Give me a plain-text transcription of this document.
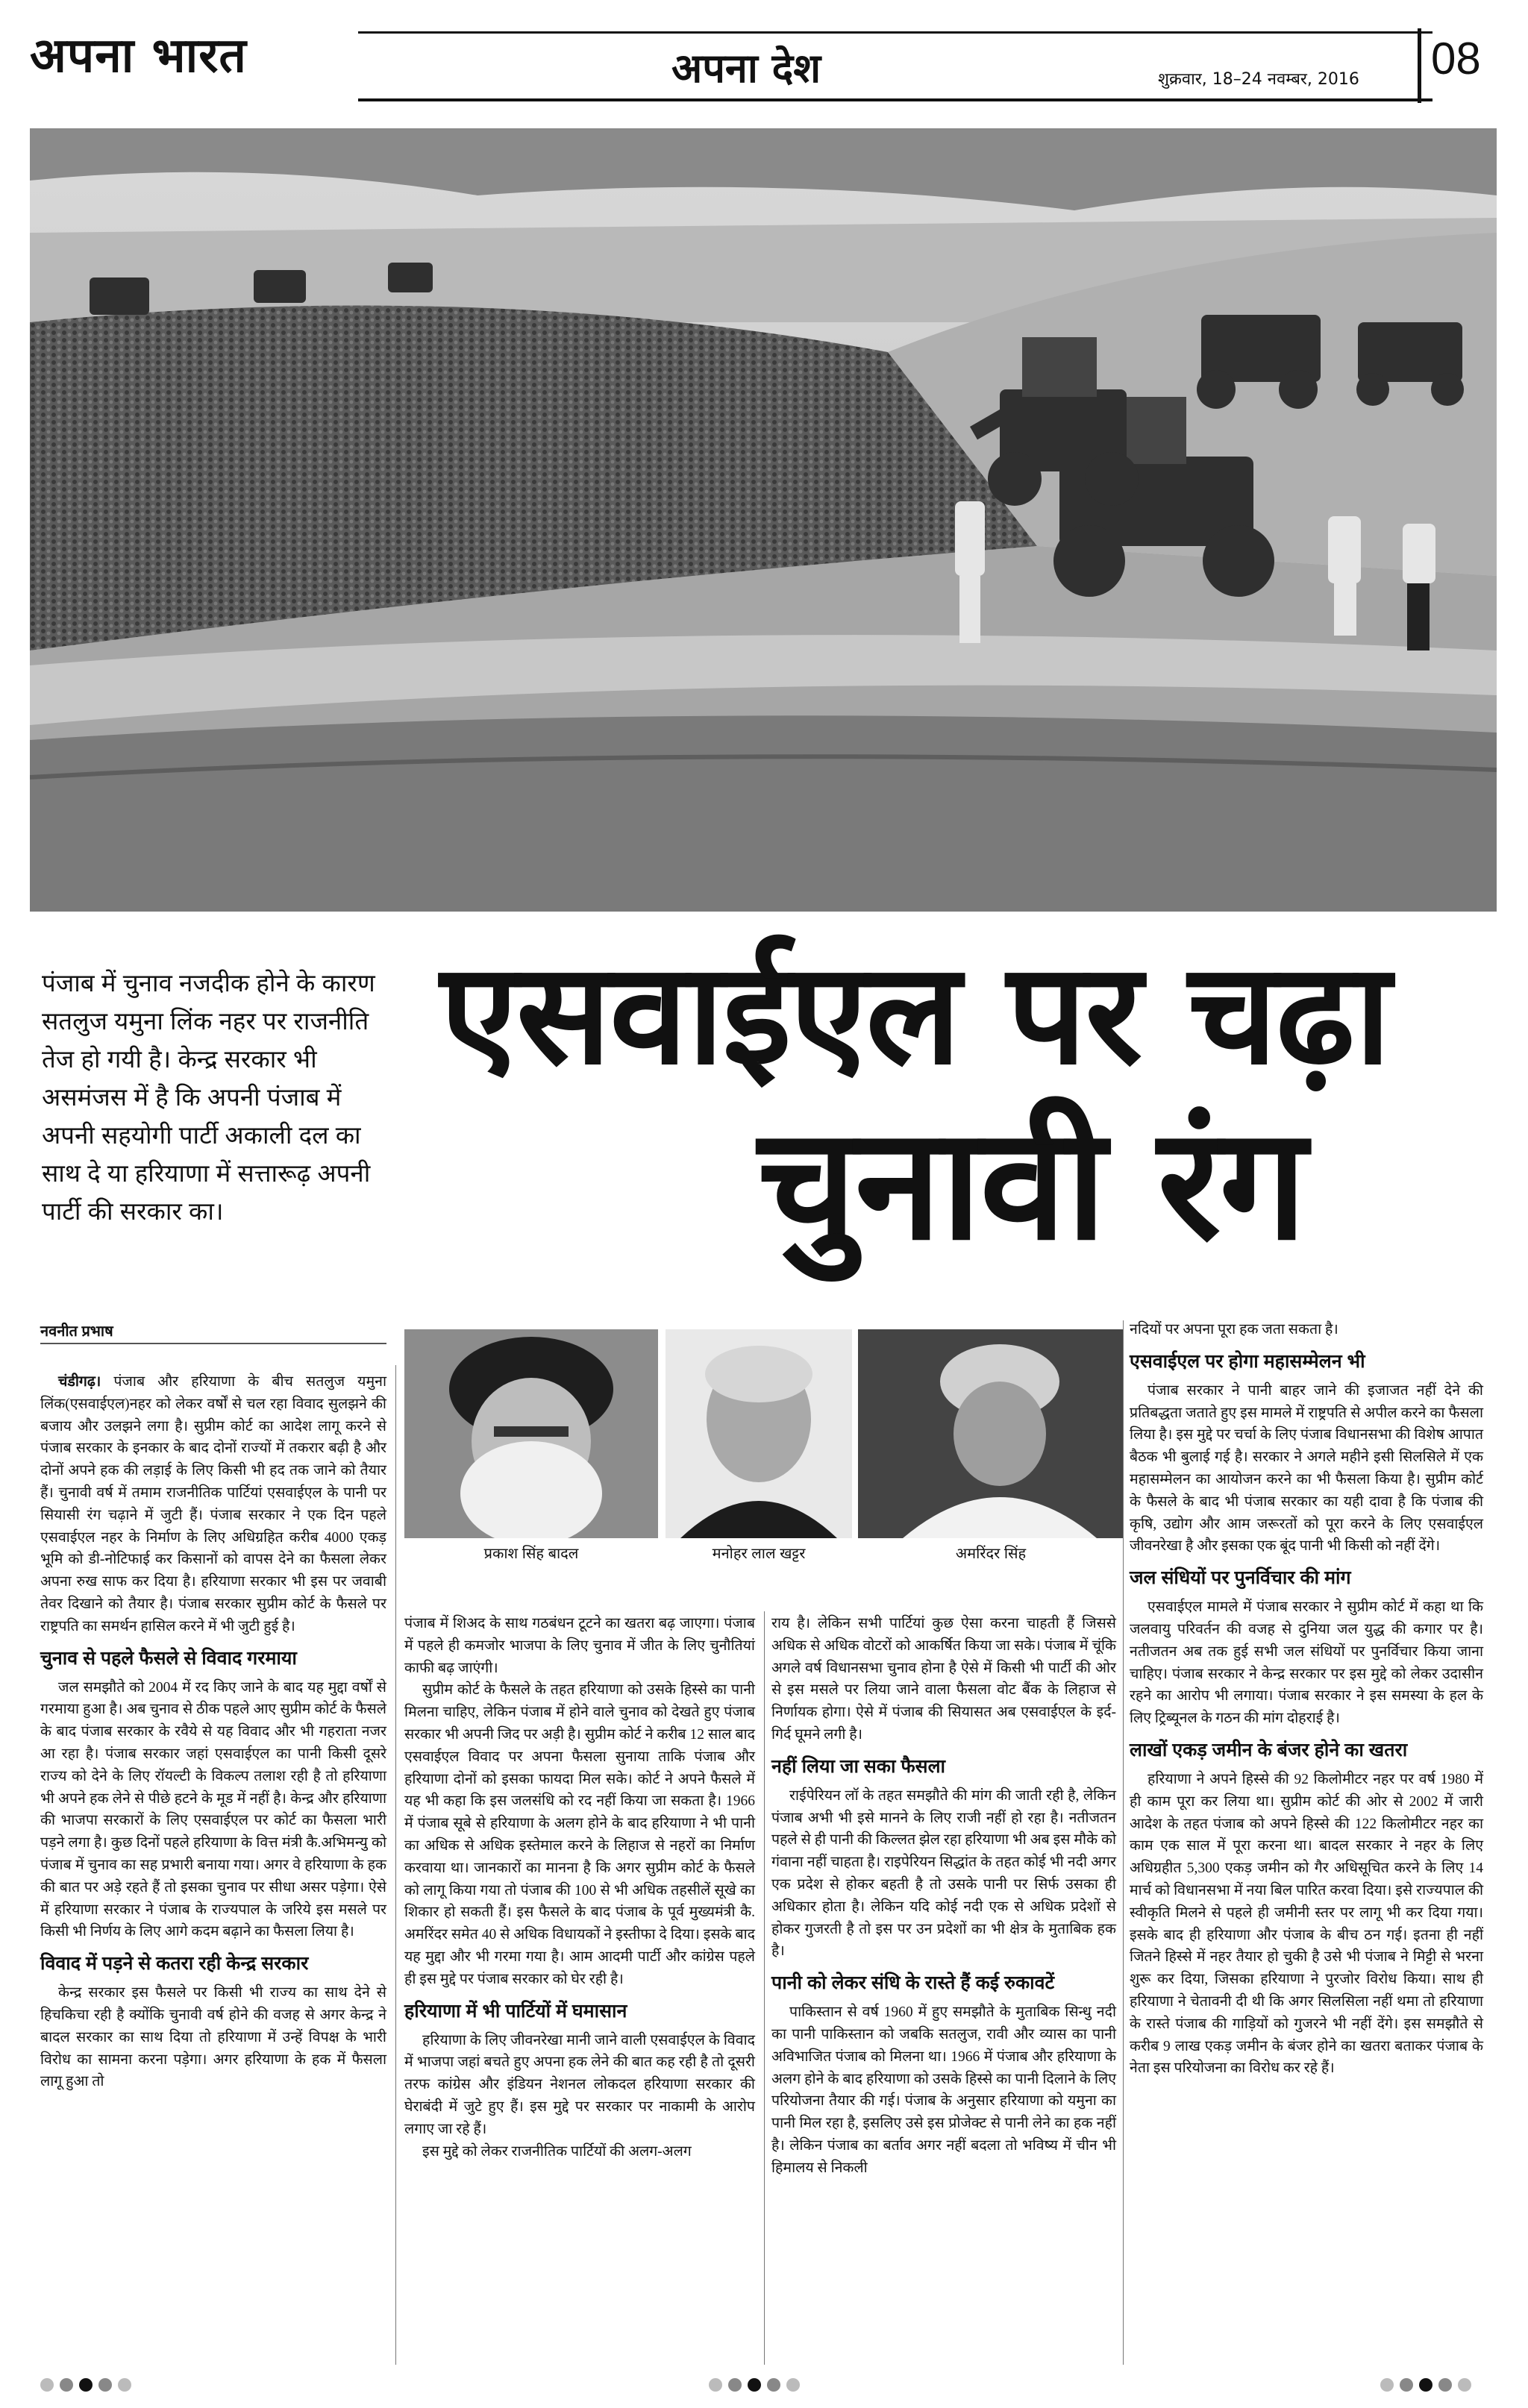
अपना भारत	अपना देश	शुक्रवार, 18–24 नवम्बर, 2016 08
पंजाब में चुनाव नजदीक होने के कारण सतलुज यमुना लिंक नहर पर राजनीति तेज हो गयी है। केन्द्र सरकार भी असमंजस में है कि अपनी पंजाब में अपनी सहयोगी पार्टी अकाली दल का साथ दे या हरियाणा में सत्तारूढ़ अपनी पार्टी की सरकार का।
एसवाईएल पर चढ़ा
चुनावी रंग
नवनीत प्रभाष
प्रकाश सिंह बादल	मनोहर लाल खट्टर	अमरिंदर सिंह

चंडीगढ़। पंजाब और हरियाणा के बीच सतलुज यमुना लिंक(एसवाईएल)नहर को लेकर वर्षों से चल रहा विवाद सुलझने की बजाय और उलझने लगा है। सुप्रीम कोर्ट का आदेश लागू करने से पंजाब सरकार के इनकार के बाद दोनों राज्यों में तकरार बढ़ी है और दोनों अपने हक की लड़ाई के लिए किसी भी हद तक जाने को तैयार हैं। चुनावी वर्ष में तमाम राजनीतिक पार्टियां एसवाईएल के पानी पर सियासी रंग चढ़ाने में जुटी हैं। पंजाब सरकार ने एक दिन पहले एसवाईएल नहर के निर्माण के लिए अधिग्रहित करीब 4000 एकड़ भूमि को डी-नोटिफाई कर किसानों को वापस देने का फैसला लेकर अपना रुख साफ कर दिया है। हरियाणा सरकार भी इस पर जवाबी तेवर दिखाने को तैयार है। पंजाब सरकार सुप्रीम कोर्ट के फैसले पर राष्ट्रपति का समर्थन हासिल करने में भी जुटी हुई है।

चुनाव से पहले फैसले से विवाद गरमाया

जल समझौते को 2004 में रद किए जाने के बाद यह मुद्दा वर्षों से गरमाया हुआ है। अब चुनाव से ठीक पहले आए सुप्रीम कोर्ट के फैसले के बाद पंजाब सरकार के रवैये से यह विवाद और भी गहराता नजर आ रहा है। पंजाब सरकार जहां एसवाईएल का पानी किसी दूसरे राज्य को देने के लिए रॉयल्टी के विकल्प तलाश रही है तो हरियाणा भी अपने हक लेने से पीछे हटने के मूड में नहीं है। केन्द्र और हरियाणा की भाजपा सरकारों के लिए एसवाईएल पर कोर्ट का फैसला भारी पड़ने लगा है। कुछ दिनों पहले हरियाणा के वित्त मंत्री कै.अभिमन्यु को पंजाब में चुनाव का सह प्रभारी बनाया गया। अगर वे हरियाणा के हक की बात पर अड़े रहते हैं तो इसका चुनाव पर सीधा असर पड़ेगा। ऐसे में हरियाणा सरकार ने पंजाब के राज्यपाल के जरिये इस मसले पर किसी भी निर्णय के लिए आगे कदम बढ़ाने का फैसला लिया है।

विवाद में पड़ने से कतरा रही केन्द्र सरकार

केन्द्र सरकार इस फैसले पर किसी भी राज्य का साथ देने से हिचकिचा रही है क्योंकि चुनावी वर्ष होने की वजह से अगर केन्द्र ने बादल सरकार का साथ दिया तो हरियाणा में उन्हें विपक्ष के भारी विरोध का सामना करना पड़ेगा। अगर हरियाणा के हक में फैसला लागू हुआ तो

पंजाब में शिअद के साथ गठबंधन टूटने का खतरा बढ़ जाएगा। पंजाब में पहले ही कमजोर भाजपा के लिए चुनाव में जीत के लिए चुनौतियां काफी बढ़ जाएंगी।

सुप्रीम कोर्ट के फैसले के तहत हरियाणा को उसके हिस्से का पानी मिलना चाहिए, लेकिन पंजाब में होने वाले चुनाव को देखते हुए पंजाब सरकार भी अपनी जिद पर अड़ी है। सुप्रीम कोर्ट ने करीब 12 साल बाद एसवाईएल विवाद पर अपना फैसला सुनाया ताकि पंजाब और हरियाणा दोनों को इसका फायदा मिल सके। कोर्ट ने अपने फैसले में यह भी कहा कि इस जलसंधि को रद नहीं किया जा सकता है। 1966 में पंजाब सूबे से हरियाणा के अलग होने के बाद हरियाणा ने भी पानी का अधिक से अधिक इस्तेमाल करने के लिहाज से नहरों का निर्माण करवाया था। जानकारों का मानना है कि अगर सुप्रीम कोर्ट के फैसले को लागू किया गया तो पंजाब की 100 से भी अधिक तहसीलें सूखे का शिकार हो सकती हैं। इस फैसले के बाद पंजाब के पूर्व मुख्यमंत्री कै. अमरिंदर समेत 40 से अधिक विधायकों ने इस्तीफा दे दिया। इसके बाद यह मुद्दा और भी गरमा गया है। आम आदमी पार्टी और कांग्रेस पहले ही इस मुद्दे पर पंजाब सरकार को घेर रही है।

हरियाणा में भी पार्टियों में घमासान

हरियाणा के लिए जीवनरेखा मानी जाने वाली एसवाईएल के विवाद में भाजपा जहां बचते हुए अपना हक लेने की बात कह रही है तो दूसरी तरफ कांग्रेस और इंडियन नेशनल लोकदल हरियाणा सरकार की घेराबंदी में जुटे हुए हैं। इस मुद्दे पर सरकार पर नाकामी के आरोप लगाए जा रहे हैं।

इस मुद्दे को लेकर राजनीतिक पार्टियों की अलग-अलग

राय है। लेकिन सभी पार्टियां कुछ ऐसा करना चाहती हैं जिससे अधिक से अधिक वोटरों को आकर्षित किया जा सके। पंजाब में चूंकि अगले वर्ष विधानसभा चुनाव होना है ऐसे में किसी भी पार्टी की ओर से इस मसले पर लिया जाने वाला फैसला वोट बैंक के लिहाज से निर्णायक होगा। ऐसे में पंजाब की सियासत अब एसवाईएल के इर्द-गिर्द घूमने लगी है।

नहीं लिया जा सका फैसला

राईपेरियन लॉ के तहत समझौते की मांग की जाती रही है, लेकिन पंजाब अभी भी इसे मानने के लिए राजी नहीं हो रहा है। नतीजतन पहले से ही पानी की किल्लत झेल रहा हरियाणा भी अब इस मौके को गंवाना नहीं चाहता है। राइपेरियन सिद्धांत के तहत कोई भी नदी अगर एक प्रदेश से होकर बहती है तो उसके पानी पर सिर्फ उसका ही अधिकार होता है। लेकिन यदि कोई नदी एक से अधिक प्रदेशों से होकर गुजरती है तो इस पर उन प्रदेशों का भी क्षेत्र के मुताबिक हक है।

पानी को लेकर संधि के रास्ते हैं कई रुकावटें

पाकिस्तान से वर्ष 1960 में हुए समझौते के मुताबिक सिन्धु नदी का पानी पाकिस्तान को जबकि सतलुज, रावी और व्यास का पानी अविभाजित पंजाब को मिलना था। 1966 में पंजाब और हरियाणा के अलग होने के बाद हरियाणा को उसके हिस्से का पानी दिलाने के लिए परियोजना तैयार की गई। पंजाब के अनुसार हरियाणा को यमुना का पानी मिल रहा है, इसलिए उसे इस प्रोजेक्ट से पानी लेने का हक नहीं है। लेकिन पंजाब का बर्ताव अगर नहीं बदला तो भविष्य में चीन भी हिमालय से निकली

नदियों पर अपना पूरा हक जता सकता है।

एसवाईएल पर होगा महासम्मेलन भी

पंजाब सरकार ने पानी बाहर जाने की इजाजत नहीं देने की प्रतिबद्धता जताते हुए इस मामले में राष्ट्रपति से अपील करने का फैसला लिया है। इस मुद्दे पर चर्चा के लिए पंजाब विधानसभा की विशेष आपात बैठक भी बुलाई गई है। सरकार ने अगले महीने इसी सिलसिले में एक महासम्मेलन का आयोजन करने का भी फैसला किया है। सुप्रीम कोर्ट के फैसले के बाद भी पंजाब सरकार का यही दावा है कि पंजाब की कृषि, उद्योग और आम जरूरतों को पूरा करने के लिए एसवाईएल जीवनरेखा है और इसका एक बूंद पानी भी किसी को नहीं देंगे।

जल संधियों पर पुनर्विचार की मांग

एसवाईएल मामले में पंजाब सरकार ने सुप्रीम कोर्ट में कहा था कि जलवायु परिवर्तन की वजह से दुनिया जल युद्ध की कगार पर है। नतीजतन अब तक हुई सभी जल संधियों पर पुनर्विचार किया जाना चाहिए। पंजाब सरकार ने केन्द्र सरकार पर इस मुद्दे को लेकर उदासीन रहने का आरोप भी लगाया। पंजाब सरकार ने इस समस्या के हल के लिए ट्रिब्यूनल के गठन की मांग दोहराई है।

लाखों एकड़ जमीन के बंजर होने का खतरा

हरियाणा ने अपने हिस्से की 92 किलोमीटर नहर पर वर्ष 1980 में ही काम पूरा कर लिया था। सुप्रीम कोर्ट की ओर से 2002 में जारी आदेश के तहत पंजाब को अपने हिस्से की 122 किलोमीटर नहर का काम एक साल में पूरा करना था। बादल सरकार ने नहर के लिए अधिग्रहीत 5,300 एकड़ जमीन को गैर अधिसूचित करने के लिए 14 मार्च को विधानसभा में नया बिल पारित करवा दिया। इसे राज्यपाल की स्वीकृति मिलने से पहले ही जमीनी स्तर पर लागू भी कर दिया गया। इसके बाद ही हरियाणा और पंजाब के बीच ठन गई। इतना ही नहीं जितने हिस्से में नहर तैयार हो चुकी है उसे भी पंजाब ने मिट्टी से भरना शुरू कर दिया, जिसका हरियाणा ने पुरजोर विरोध किया। साथ ही हरियाणा ने चेतावनी दी थी कि अगर सिलसिला नहीं थमा तो हरियाणा के रास्ते पंजाब की गाड़ियों को गुजरने भी नहीं देंगे। इस समझौते से करीब 9 लाख एकड़ जमीन के बंजर होने का खतरा बताकर पंजाब के नेता इस परियोजना का विरोध कर रहे हैं।
